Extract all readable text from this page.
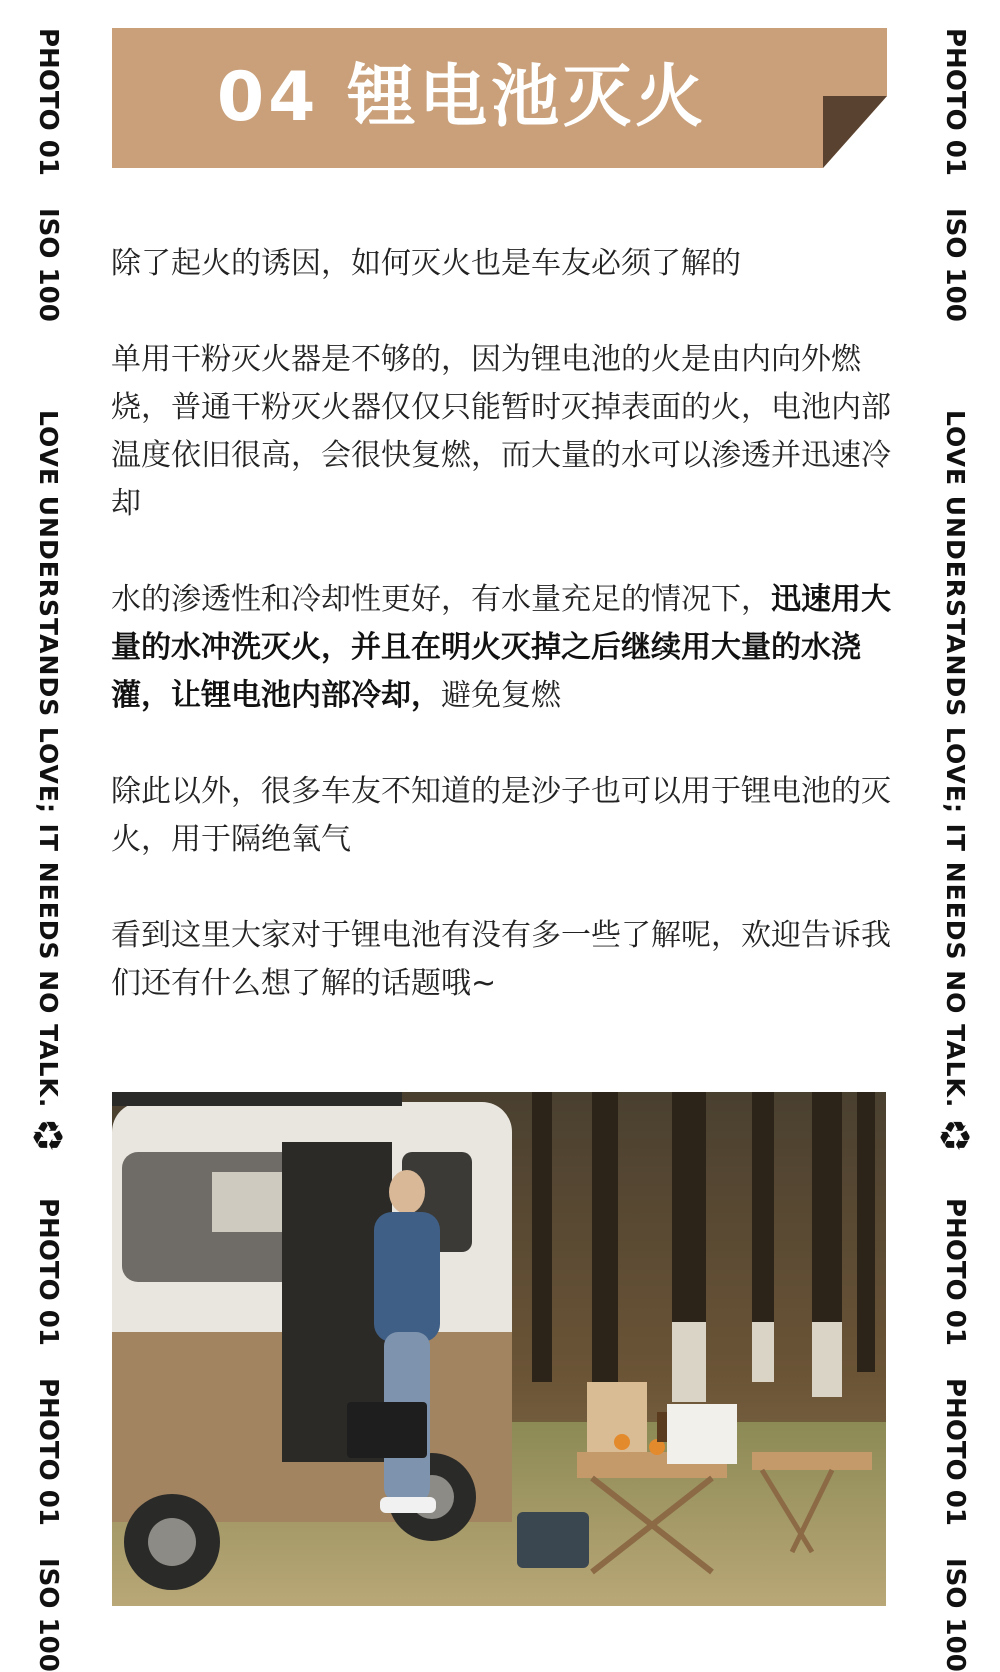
PHOTO 01
ISO 100
LOVE UNDERSTANDS LOVE; IT NEEDS NO TALK.
♻
PHOTO 01
PHOTO 01
ISO 100
PHOTO 01
ISO 100
LOVE UNDERSTANDS LOVE; IT NEEDS NO TALK.
♻
PHOTO 01
PHOTO 01
ISO 100
04 锂电池灭火

除了起火的诱因，如何灭火也是车友必须了解的

单用干粉灭火器是不够的，因为锂电池的火是由内向外燃烧，普通干粉灭火器仅仅只能暂时灭掉表面的火，电池内部温度依旧很高，会很快复燃，而大量的水可以渗透并迅速冷却

水的渗透性和冷却性更好，有水量充足的情况下，迅速用大量的水冲洗灭火，并且在明火灭掉之后继续用大量的水浇灌，让锂电池内部冷却，避免复燃

除此以外，很多车友不知道的是沙子也可以用于锂电池的灭火，用于隔绝氧气

看到这里大家对于锂电池有没有多一些了解呢，欢迎告诉我们还有什么想了解的话题哦~
